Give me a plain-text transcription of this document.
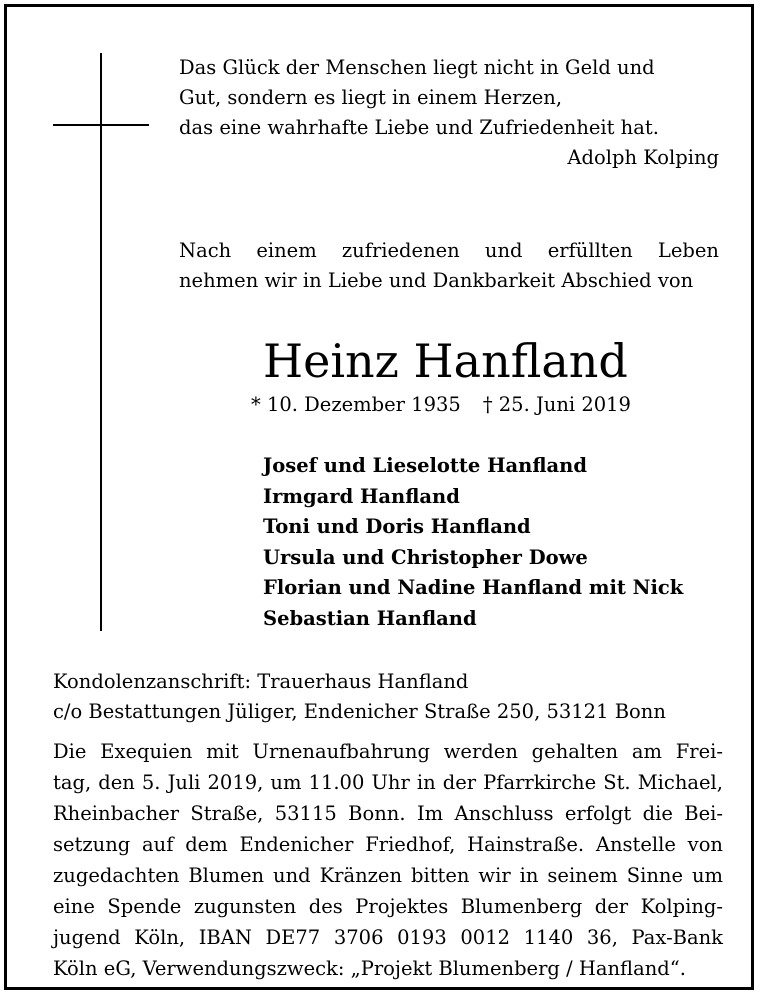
Das Glück der Menschen liegt nicht in Geld und
Gut, sondern es liegt in einem Herzen,
das eine wahrhafte Liebe und Zufriedenheit hat.
Adolph Kolping
Nach einem zufriedenen und erfüllten Leben
nehmen wir in Liebe und Dankbarkeit Abschied von
Heinz Hanfland
* 10. Dezember 1935 † 25. Juni 2019
Josef und Lieselotte Hanfland
Irmgard Hanfland
Toni und Doris Hanfland
Ursula und Christopher Dowe
Florian und Nadine Hanfland mit Nick
Sebastian Hanfland
Kondolenzanschrift: Trauerhaus Hanfland
c/o Bestattungen Jüliger, Endenicher Straße 250, 53121 Bonn
Die Exequien mit Urnenaufbahrung werden gehalten am Frei-
tag, den 5. Juli 2019, um 11.00 Uhr in der Pfarrkirche St. Michael,
Rheinbacher Straße, 53115 Bonn. Im Anschluss erfolgt die Bei-
setzung auf dem Endenicher Friedhof, Hainstraße. Anstelle von
zugedachten Blumen und Kränzen bitten wir in seinem Sinne um
eine Spende zugunsten des Projektes Blumenberg der Kolping-
jugend Köln, IBAN DE77 3706 0193 0012 1140 36, Pax-Bank
Köln eG, Verwendungszweck: „Projekt Blumenberg / Hanfland“.
